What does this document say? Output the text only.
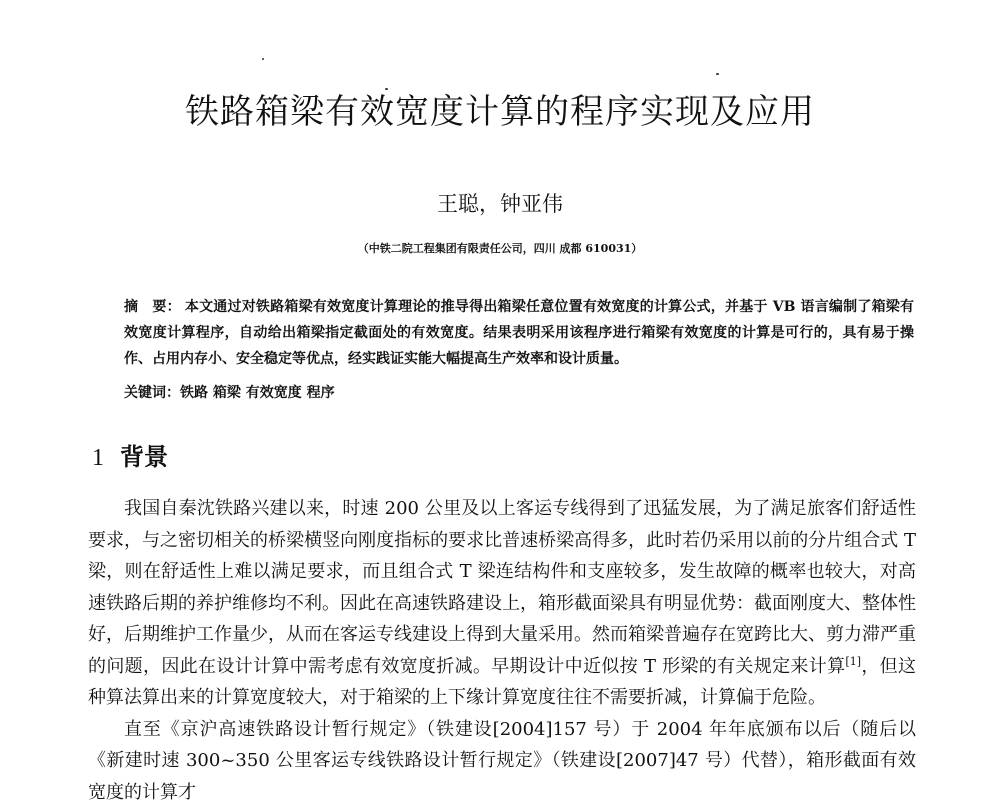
铁路箱梁有效宽度计算的程序实现及应用
王聪，钟亚伟
（中铁二院工程集团有限责任公司，四川 成都 610031）
摘　要： 本文通过对铁路箱梁有效宽度计算理论的推导得出箱梁任意位置有效宽度的计算公式，并基于 VB 语言编制了箱梁有效宽度计算程序，自动给出箱梁指定截面处的有效宽度。结果表明采用该程序进行箱梁有效宽度的计算是可行的，具有易于操作、占用内存小、安全稳定等优点，经实践证实能大幅提高生产效率和设计质量。
关键词：铁路 箱梁 有效宽度 程序
1 背景

我国自秦沈铁路兴建以来，时速 200 公里及以上客运专线得到了迅猛发展，为了满足旅客们舒适性要求，与之密切相关的桥梁横竖向刚度指标的要求比普速桥梁高得多，此时若仍采用以前的分片组合式 T 梁，则在舒适性上难以满足要求，而且组合式 T 梁连结构件和支座较多，发生故障的概率也较大，对高速铁路后期的养护维修均不利。因此在高速铁路建设上，箱形截面梁具有明显优势：截面刚度大、整体性好，后期维护工作量少，从而在客运专线建设上得到大量采用。然而箱梁普遍存在宽跨比大、剪力滞严重的问题，因此在设计计算中需考虑有效宽度折减。早期设计中近似按 T 形梁的有关规定来计算[1]，但这种算法算出来的计算宽度较大，对于箱梁的上下缘计算宽度往往不需要折减，计算偏于危险。

直至《京沪高速铁路设计暂行规定》（铁建设[2004]157 号）于 2004 年年底颁布以后（随后以《新建时速 300~350 公里客运专线铁路设计暂行规定》（铁建设[2007]47 号）代替），箱形截面有效宽度的计算才
